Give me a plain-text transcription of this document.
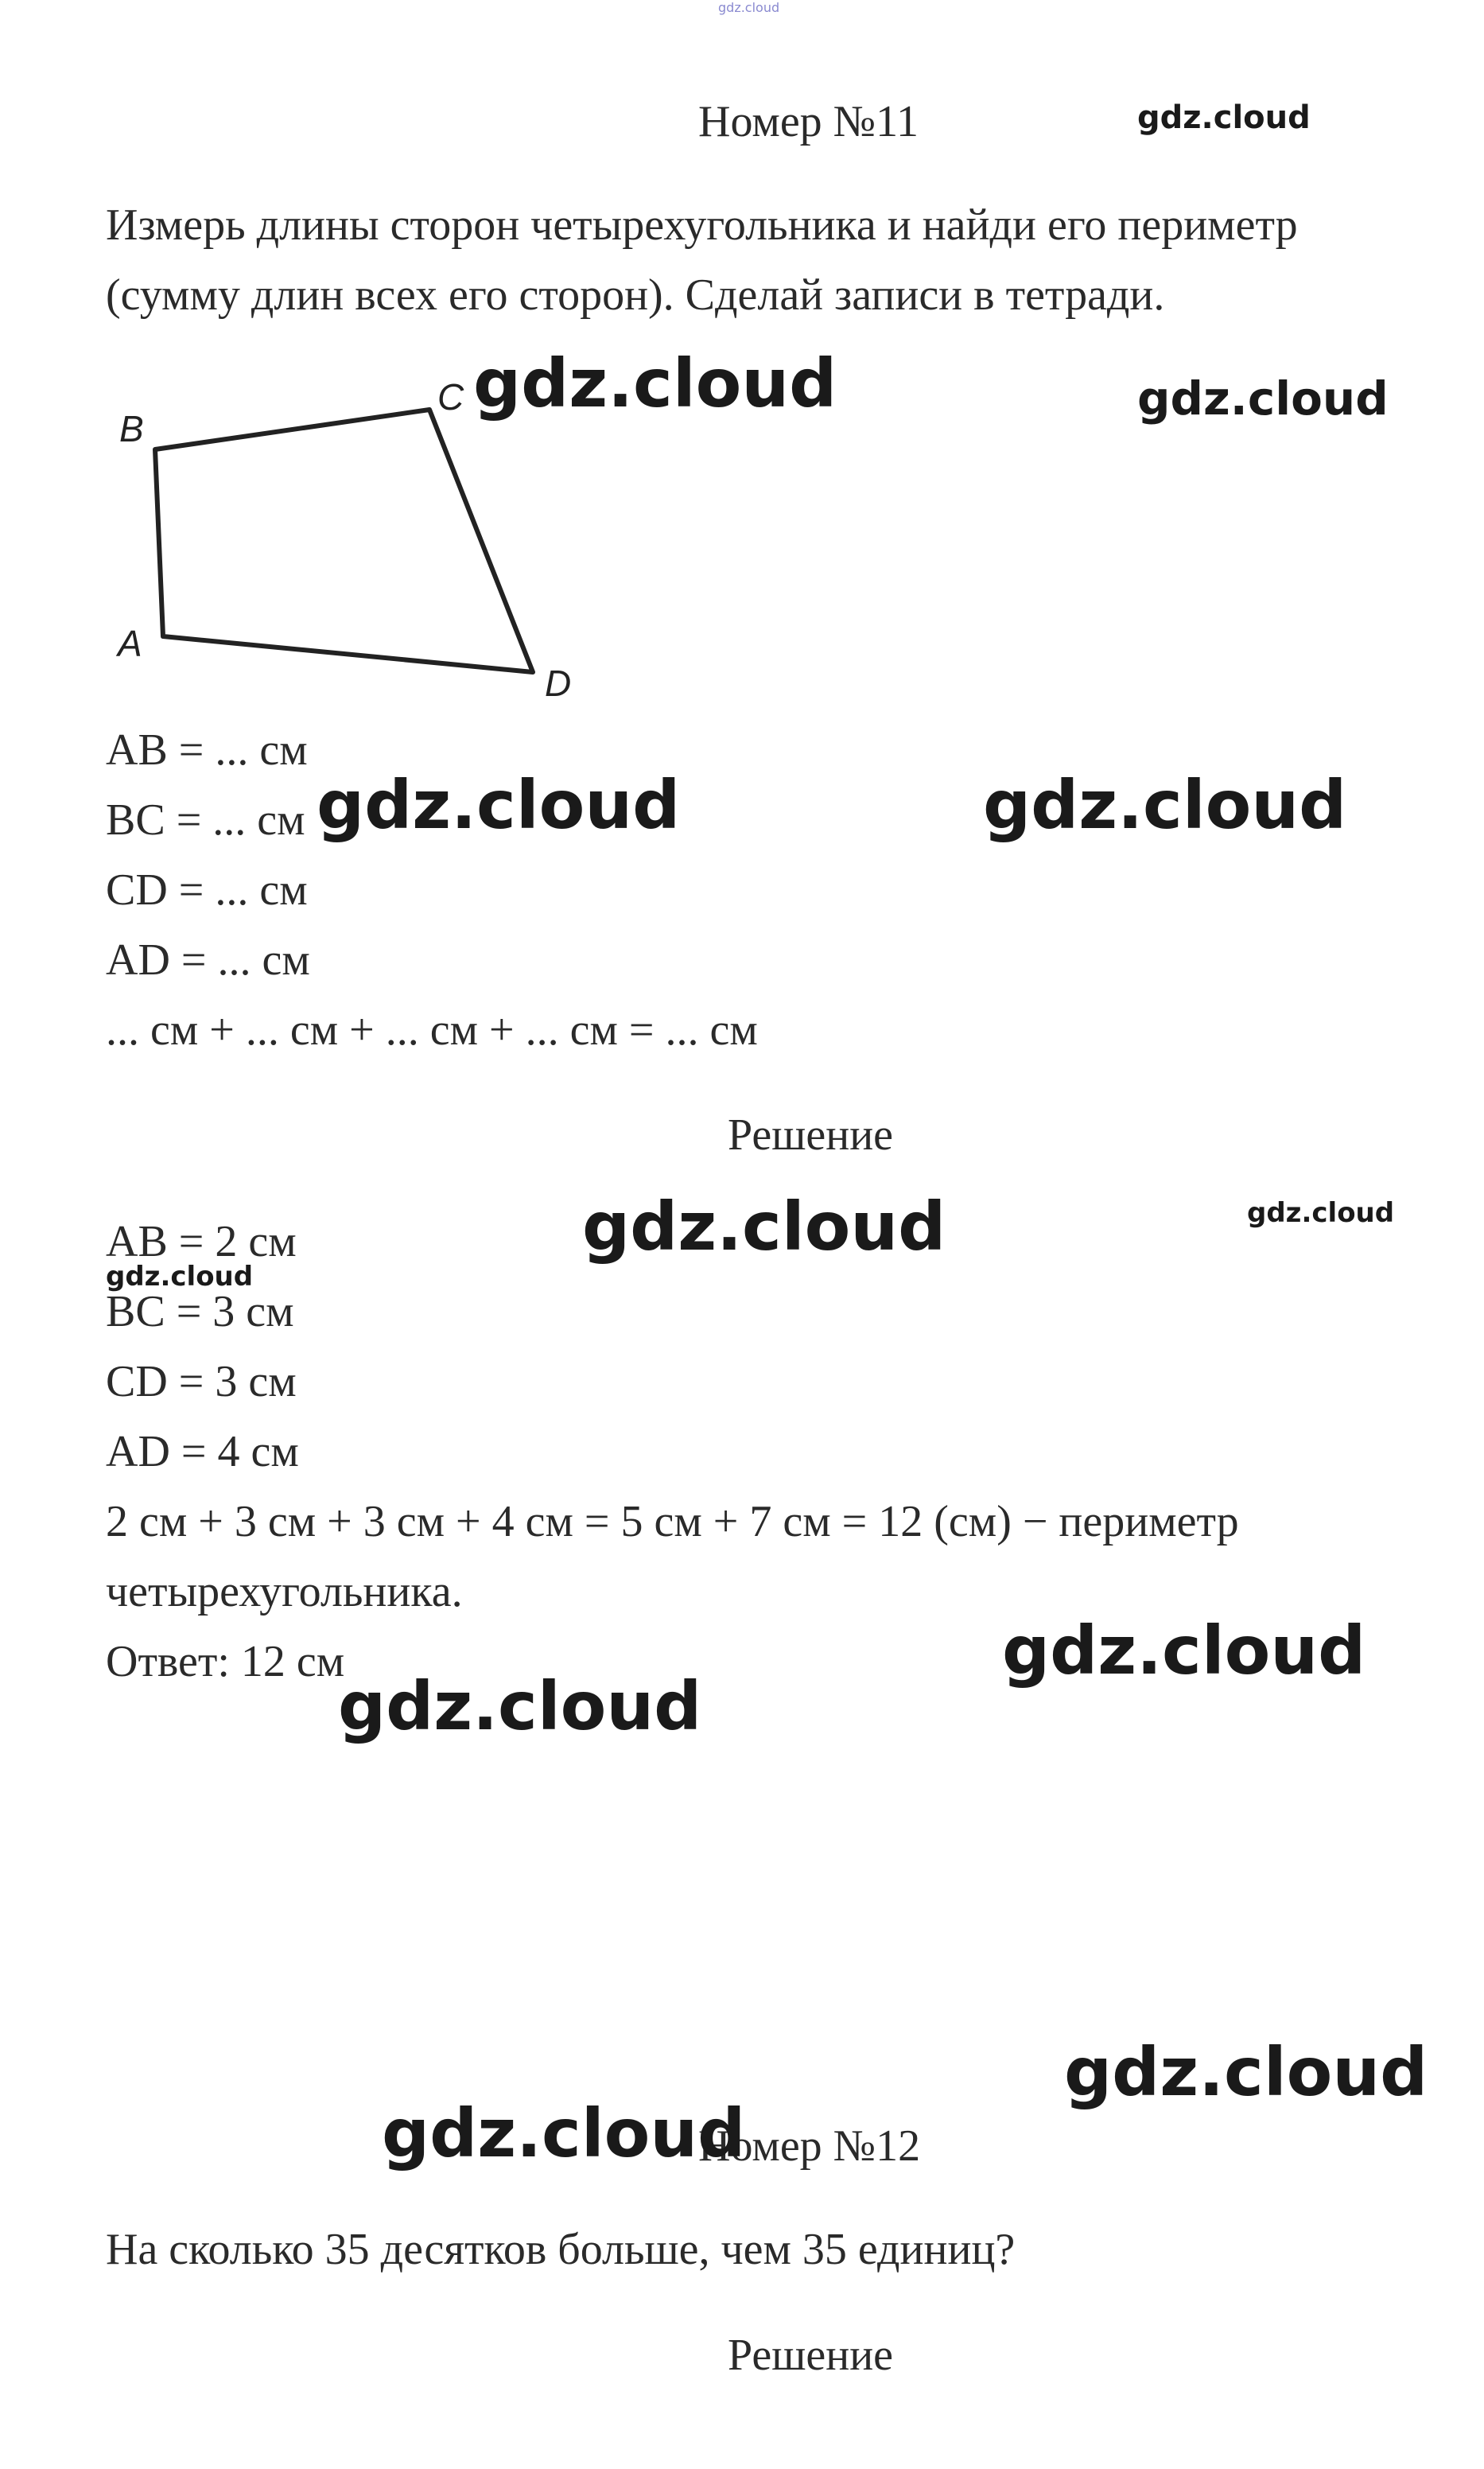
gdz.cloud
Номер №11
Измерь длины сторон четырехугольника и найди его периметр
(сумму длин всех его сторон). Сделай записи в тетради.
B
C
A
D
AB = ... см
BC = ... см
CD = ... см
AD = ... см
... см + ... см + ... см + ... см = ... см
Решение
AB = 2 см
BC = 3 см
CD = 3 см
AD = 4 см
2 см + 3 см + 3 см + 4 см = 5 см + 7 см = 12 (см) − периметр
четырехугольника.
Ответ: 12 см
Номер №12
На сколько 35 десятков больше, чем 35 единиц?
Решение
gdz.cloud
gdz.cloud	gdz.cloud
gdz.cloud	gdz.cloud
gdz.cloud	gdz.cloud
gdz.cloud
gdz.cloud
gdz.cloud
gdz.cloud
gdz.cloud
